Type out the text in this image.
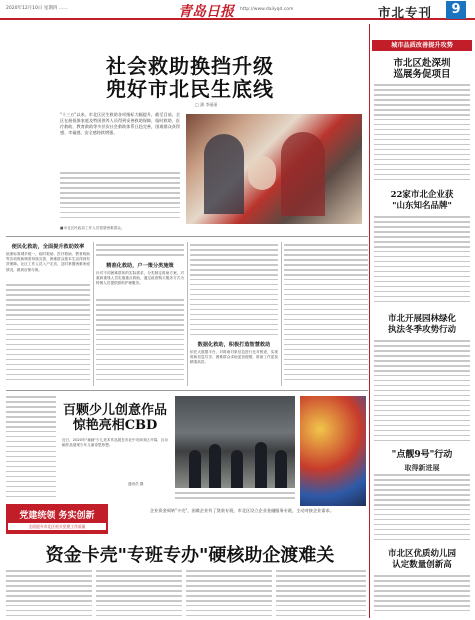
2020年12月10日 星期四 ……	青岛日报 http://www.dailyqd.com	市北专刊	9
社会救助换挡升级
兜好市北民生底线
□ 潘 李丽丽
"十三五"以来，市北区民生救助各项指标大幅提升，截至目前，全区在册低保家庭及特困供养人员得到妥善救助保障，临时救助、医疗救助、教育救助等多层次社会救助体系日趋完善，困难群众获得感、幸福感、安全感持续增强。
■市北区民政局工作人员看望困难群众。
便民化救助，全面提升救助效率
低保标准城乡统一，临时救助、医疗救助、教育救助等各项救助制度持续完善，困难群众基本生活得到有效保障。社区工作人员入户走访，及时掌握困难家庭情况，做到应保尽保。
精准化救助，户一策分类施策
针对不同困难群体的实际需求，分类制定救助方案，对重病重残人员实施重点救助，通过政府购买服务方式为特困人员提供照料护理服务。
数据化救助，积极打造智慧救助
依托大数据平台，对救助对象信息进行比对核查，实现救助信息共享，困难群众求助更加便捷，救助工作更加精准高效。
百颗少儿创意作品
惊艳亮相CBD
近日，2020年"童画"少儿美术作品展在市北中央商务区开幕，百余幅作品展现少年儿童奇思妙想。
通讯员 摄
党建统领 务实创新
全面提升市北区机关党建工作质量
企业资金周转"卡壳"，困难企业有了贷款专班，市北区设立企业金融服务专班，主动对接企业需求。
资金卡壳"专班专办"硬核助企渡难关
城市品质改善提升攻势
市北区赴深圳
巡展务促项目
22家市北企业获
"山东知名品牌"
市北开展园林绿化
执法冬季攻势行动
"点靓9号"行动
取得新进展
市北区优质幼儿园
认定数量创新高
